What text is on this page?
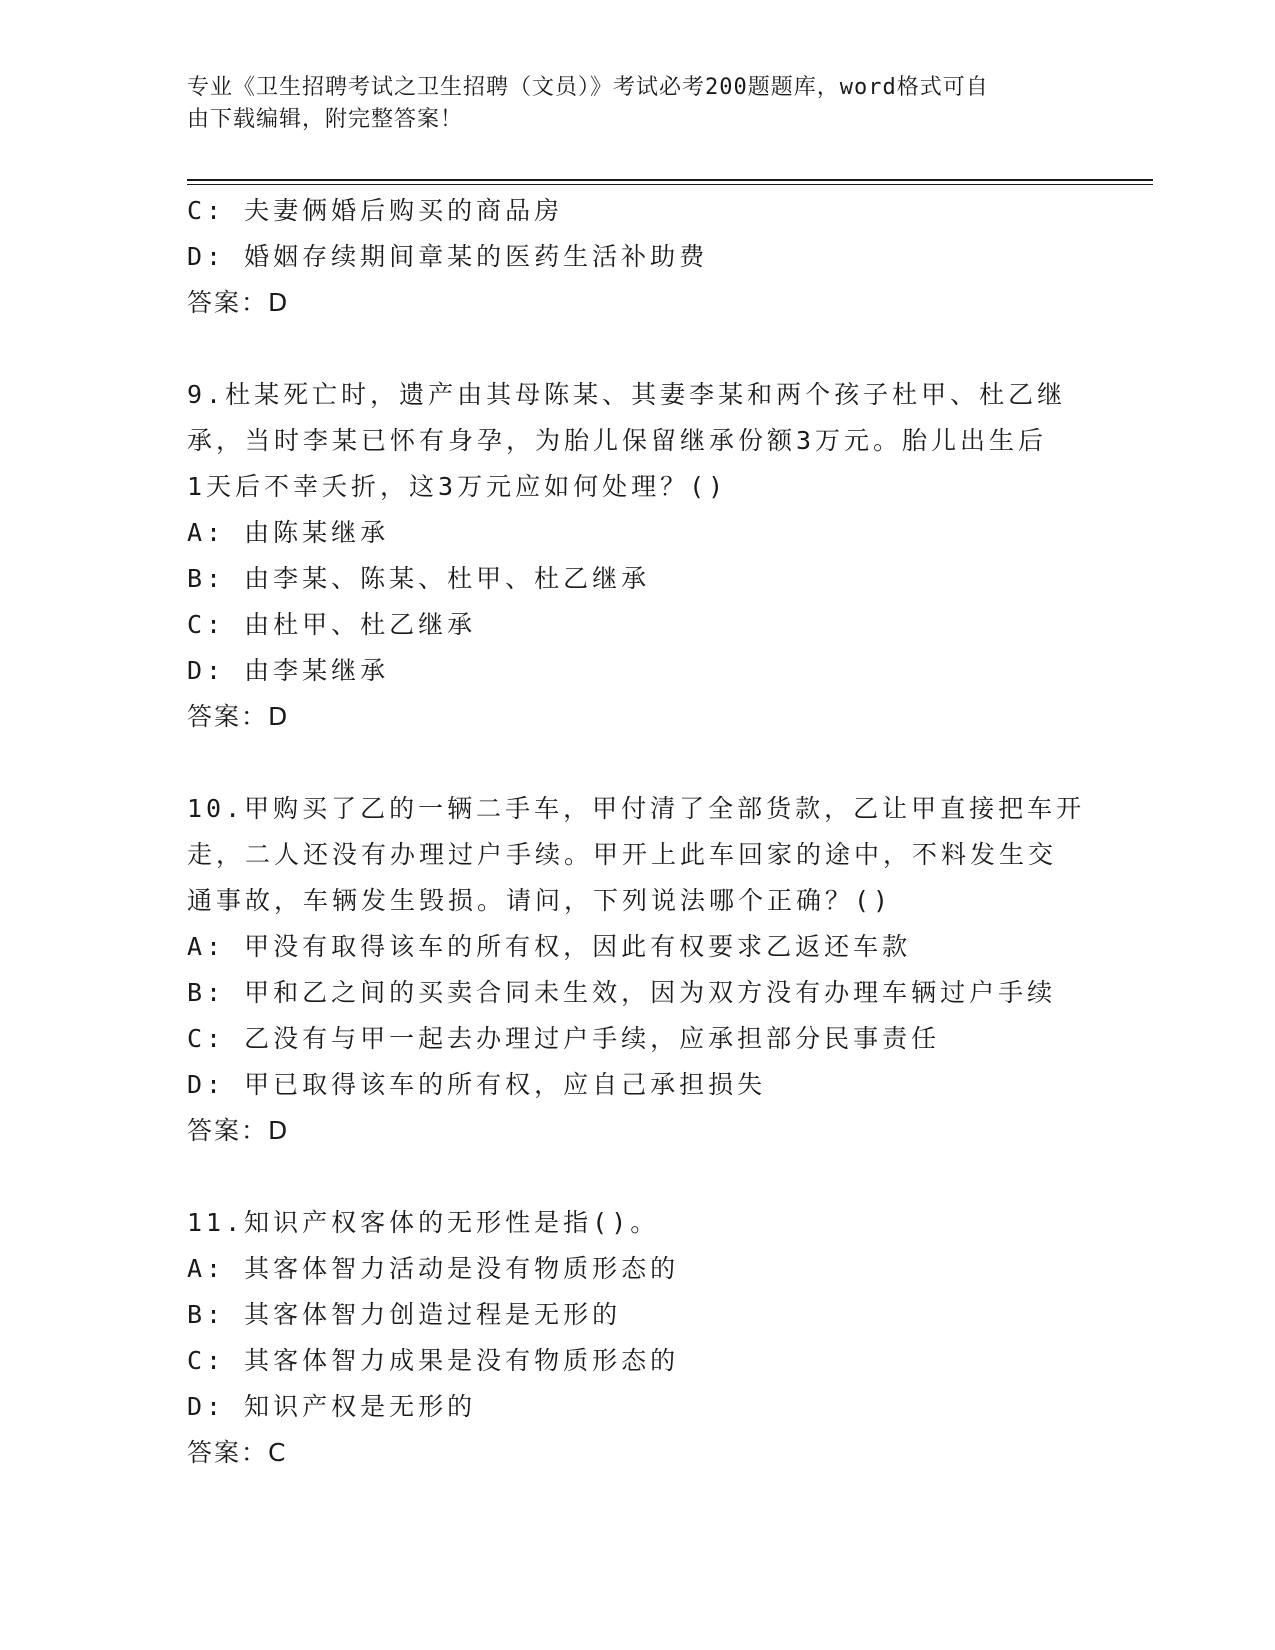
专业《卫生招聘考试之卫生招聘（文员）》考试必考200题题库，word格式可自
由下载编辑，附完整答案！
C: 夫妻俩婚后购买的商品房
D: 婚姻存续期间章某的医药生活补助费
答案：D
9.杜某死亡时，遗产由其母陈某、其妻李某和两个孩子杜甲、杜乙继
承，当时李某已怀有身孕，为胎儿保留继承份额3万元。胎儿出生后
1天后不幸夭折，这3万元应如何处理？()
A: 由陈某继承
B: 由李某、陈某、杜甲、杜乙继承
C: 由杜甲、杜乙继承
D: 由李某继承
答案：D
10.甲购买了乙的一辆二手车，甲付清了全部货款，乙让甲直接把车开
走，二人还没有办理过户手续。甲开上此车回家的途中，不料发生交
通事故，车辆发生毁损。请问，下列说法哪个正确？()
A: 甲没有取得该车的所有权，因此有权要求乙返还车款
B: 甲和乙之间的买卖合同未生效，因为双方没有办理车辆过户手续
C: 乙没有与甲一起去办理过户手续，应承担部分民事责任
D: 甲已取得该车的所有权，应自己承担损失
答案：D
11.知识产权客体的无形性是指()。
A: 其客体智力活动是没有物质形态的
B: 其客体智力创造过程是无形的
C: 其客体智力成果是没有物质形态的
D: 知识产权是无形的
答案：C
